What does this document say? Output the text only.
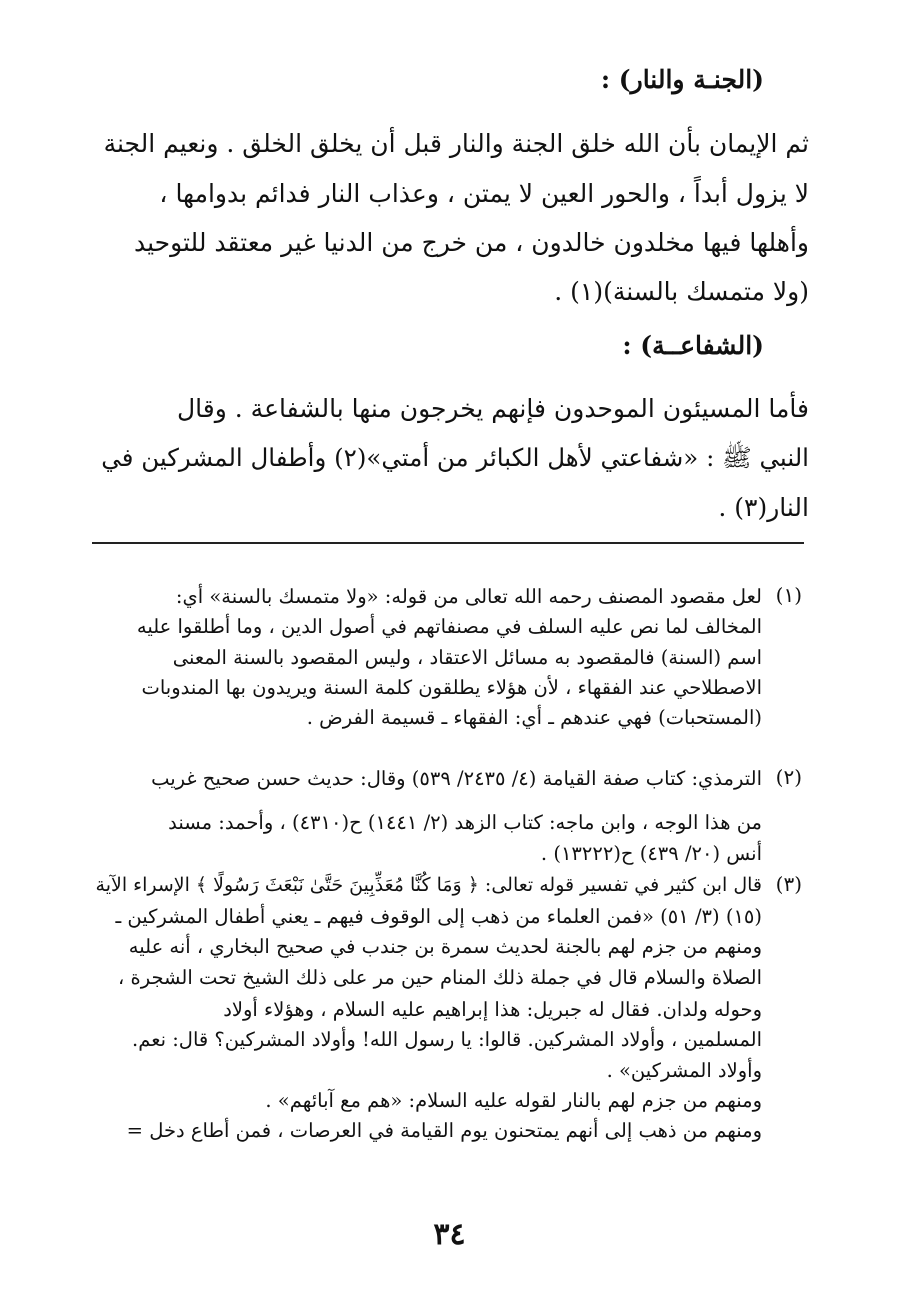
(الجنـة والنار) :
ثم الإيمان بأن الله خلق الجنة والنار قبل أن يخلق الخلق . ونعيم الجنة
لا يزول أبداً ، والحور العين لا يمتن ، وعذاب النار فدائم بدوامها ،
وأهلها فيها مخلدون خالدون ، من خرج من الدنيا غير معتقد للتوحيد
(ولا متمسك بالسنة)(١) .
(الشفاعــة) :
فأما المسيئون الموحدون فإنهم يخرجون منها بالشفاعة . وقال
النبي ﷺ : «شفاعتي لأهل الكبائر من أمتي»(٢) وأطفال المشركين في
النار(٣) .
(١)
لعل مقصود المصنف رحمه الله تعالى من قوله: «ولا متمسك بالسنة» أي:
المخالف لما نص عليه السلف في مصنفاتهم في أصول الدين ، وما أطلقوا عليه
اسم (السنة) فالمقصود به مسائل الاعتقاد ، وليس المقصود بالسنة المعنى
الاصطلاحي عند الفقهاء ، لأن هؤلاء يطلقون كلمة السنة ويريدون بها المندوبات
(المستحبات) فهي عندهم ـ أي: الفقهاء ـ قسيمة الفرض .
(٢)
الترمذي: كتاب صفة القيامة (٤/ ٢٤٣٥/ ٥٣٩) وقال: حديث حسن صحيح غريب
من هذا الوجه ، وابن ماجه: كتاب الزهد (٢/ ١٤٤١) ح(٤٣١٠) ، وأحمد: مسند
أنس (٢٠/ ٤٣٩) ح(١٣٢٢٢) .
(٣)
قال ابن كثير في تفسير قوله تعالى: ﴿ وَمَا كُنَّا مُعَذِّبِينَ حَتَّىٰ نَبْعَثَ رَسُولًا ﴾ الإسراء الآية
(١٥) (٣/ ٥١) «فمن العلماء من ذهب إلى الوقوف فيهم ـ يعني أطفال المشركين ـ
ومنهم من جزم لهم بالجنة لحديث سمرة بن جندب في صحيح البخاري ، أنه عليه
الصلاة والسلام قال في جملة ذلك المنام حين مر على ذلك الشيخ تحت الشجرة ،
وحوله ولدان. فقال له جبريل: هذا إبراهيم عليه السلام ، وهؤلاء أولاد
المسلمين ، وأولاد المشركين. قالوا: يا رسول الله! وأولاد المشركين؟ قال: نعم.
وأولاد المشركين» .
ومنهم من جزم لهم بالنار لقوله عليه السلام: «هم مع آبائهم» .
ومنهم من ذهب إلى أنهم يمتحنون يوم القيامة في العرصات ، فمن أطاع دخل =
٣٤
